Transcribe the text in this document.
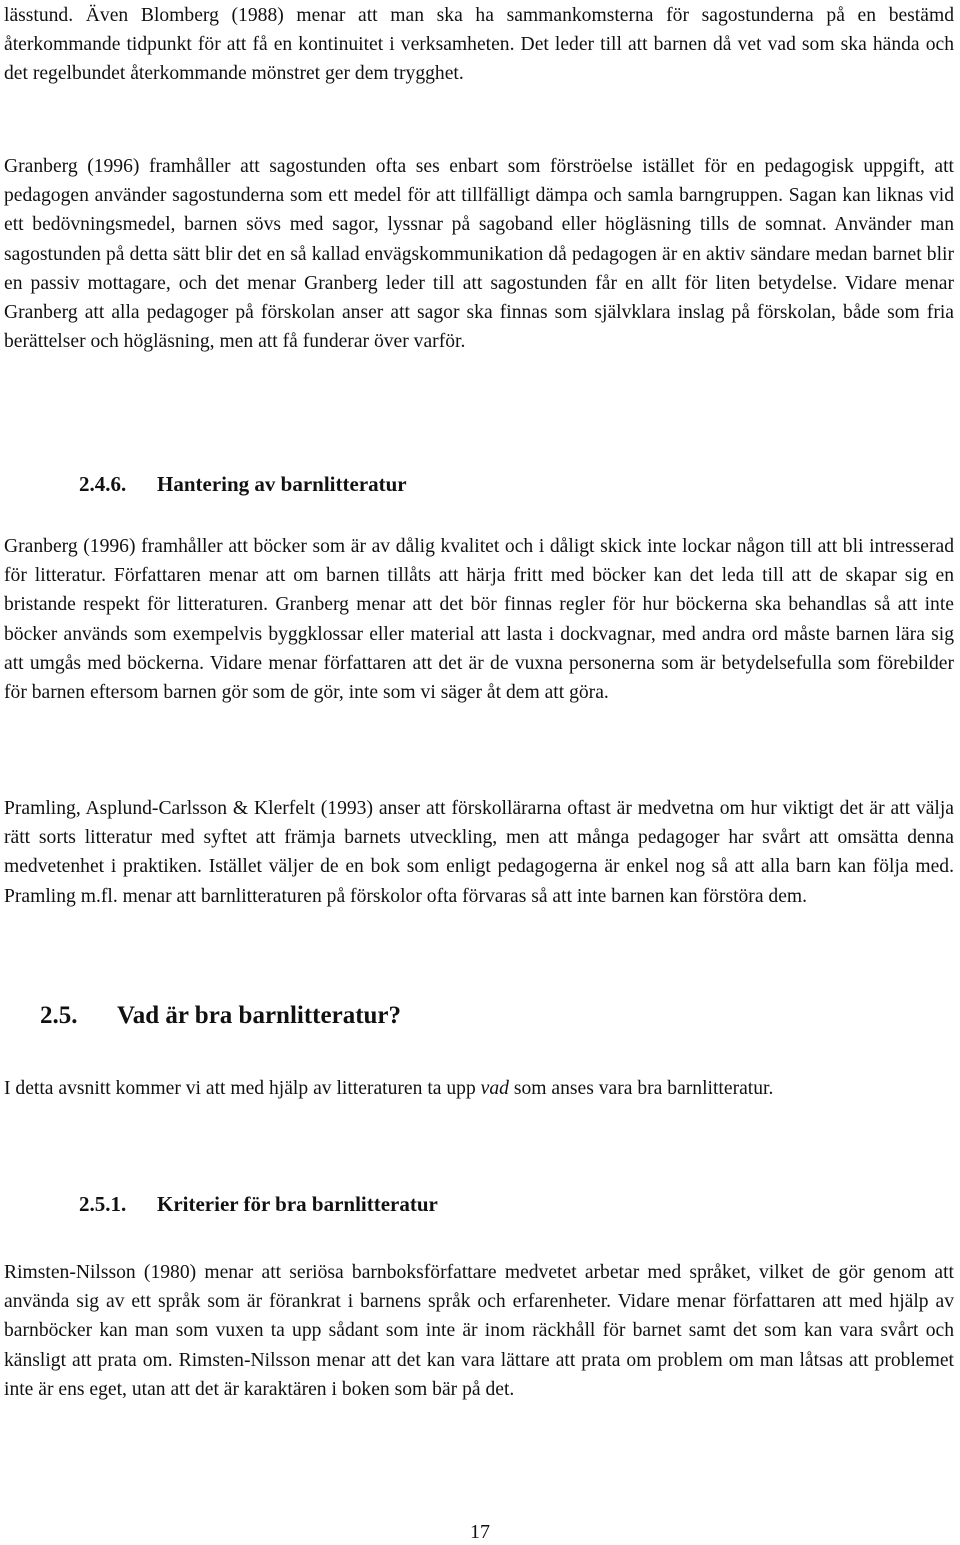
lässtund. Även Blomberg (1988) menar att man ska ha sammankomsterna för sagostunderna på en bestämd återkommande tidpunkt för att få en kontinuitet i verksamheten. Det leder till att barnen då vet vad som ska hända och det regelbundet återkommande mönstret ger dem trygghet.

Granberg (1996) framhåller att sagostunden ofta ses enbart som förströelse istället för en pedagogisk uppgift, att pedagogen använder sagostunderna som ett medel för att tillfälligt dämpa och samla barngruppen. Sagan kan liknas vid ett bedövningsmedel, barnen sövs med sagor, lyssnar på sagoband eller högläsning tills de somnat. Använder man sagostunden på detta sätt blir det en så kallad envägskommunikation då pedagogen är en aktiv sändare medan barnet blir en passiv mottagare, och det menar Granberg leder till att sagostunden får en allt för liten betydelse. Vidare menar Granberg att alla pedagoger på förskolan anser att sagor ska finnas som självklara inslag på förskolan, både som fria berättelser och högläsning, men att få funderar över varför.

2.4.6. Hantering av barnlitteratur

Granberg (1996) framhåller att böcker som är av dålig kvalitet och i dåligt skick inte lockar någon till att bli intresserad för litteratur. Författaren menar att om barnen tillåts att härja fritt med böcker kan det leda till att de skapar sig en bristande respekt för litteraturen. Granberg menar att det bör finnas regler för hur böckerna ska behandlas så att inte böcker används som exempelvis byggklossar eller material att lasta i dockvagnar, med andra ord måste barnen lära sig att umgås med böckerna. Vidare menar författaren att det är de vuxna personerna som är betydelsefulla som förebilder för barnen eftersom barnen gör som de gör, inte som vi säger åt dem att göra.

Pramling, Asplund-Carlsson & Klerfelt (1993) anser att förskollärarna oftast är medvetna om hur viktigt det är att välja rätt sorts litteratur med syftet att främja barnets utveckling, men att många pedagoger har svårt att omsätta denna medvetenhet i praktiken. Istället väljer de en bok som enligt pedagogerna är enkel nog så att alla barn kan följa med. Pramling m.fl. menar att barnlitteraturen på förskolor ofta förvaras så att inte barnen kan förstöra dem.

2.5. Vad är bra barnlitteratur?

I detta avsnitt kommer vi att med hjälp av litteraturen ta upp vad som anses vara bra barnlitteratur.

2.5.1. Kriterier för bra barnlitteratur

Rimsten-Nilsson (1980) menar att seriösa barnboksförfattare medvetet arbetar med språket, vilket de gör genom att använda sig av ett språk som är förankrat i barnens språk och erfarenheter. Vidare menar författaren att med hjälp av barnböcker kan man som vuxen ta upp sådant som inte är inom räckhåll för barnet samt det som kan vara svårt och känsligt att prata om. Rimsten-Nilsson menar att det kan vara lättare att prata om problem om man låtsas att problemet inte är ens eget, utan att det är karaktären i boken som bär på det.

17
